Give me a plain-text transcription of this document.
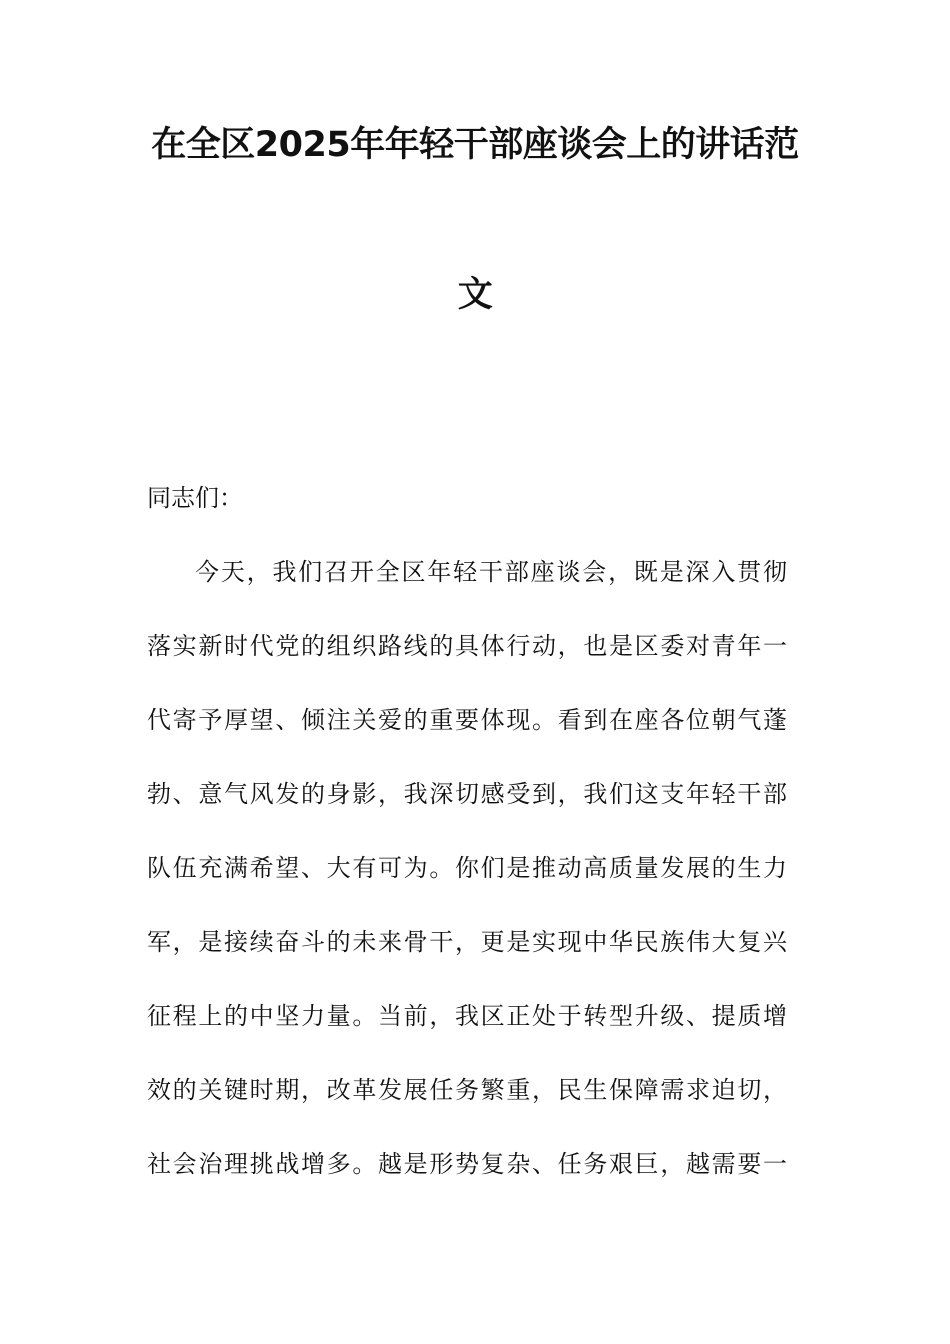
在全区2025年年轻干部座谈会上的讲话范
文

同志们：

今天，我们召开全区年轻干部座谈会，既是深入贯彻
落实新时代党的组织路线的具体行动，也是区委对青年一
代寄予厚望、倾注关爱的重要体现。看到在座各位朝气蓬
勃、意气风发的身影，我深切感受到，我们这支年轻干部
队伍充满希望、大有可为。你们是推动高质量发展的生力
军，是接续奋斗的未来骨干，更是实现中华民族伟大复兴
征程上的中坚力量。当前，我区正处于转型升级、提质增
效的关键时期，改革发展任务繁重，民生保障需求迫切，
社会治理挑战增多。越是形势复杂、任务艰巨，越需要一
